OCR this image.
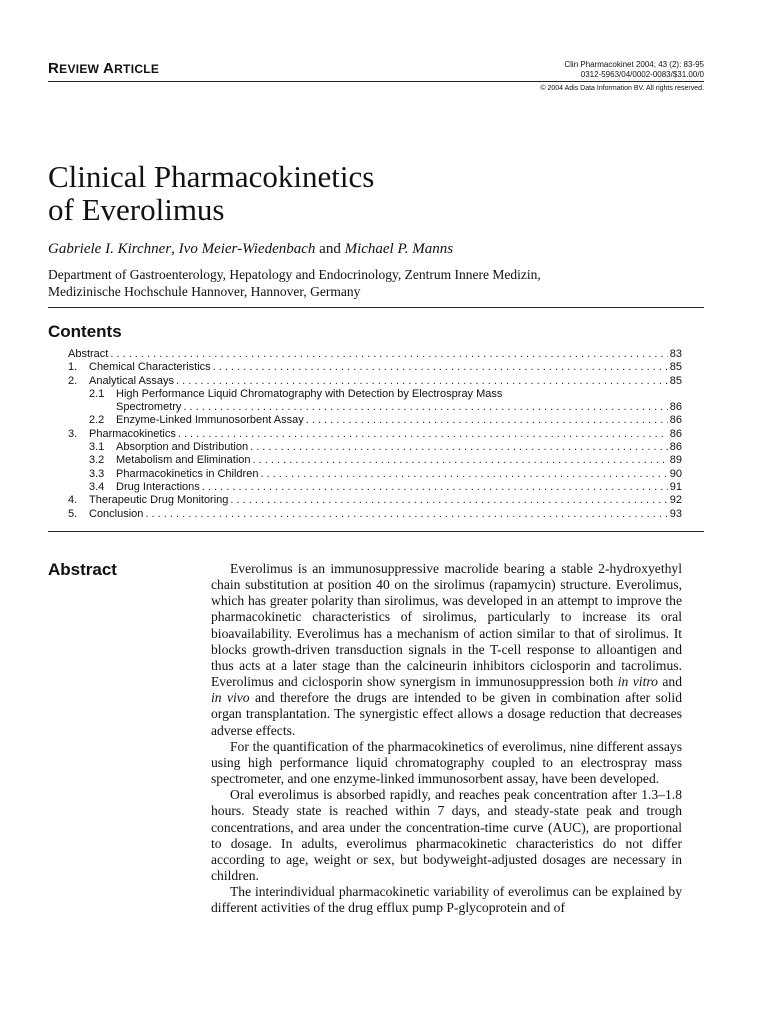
REVIEW ARTICLE	Clin Pharmacokinet 2004; 43 (2): 83-95
0312-5963/04/0002-0083/$31.00/0
© 2004 Adis Data Information BV. All rights reserved.
Clinical Pharmacokinetics
of Everolimus
Gabriele I. Kirchner, Ivo Meier-Wiedenbach and Michael P. Manns
Department of Gastroenterology, Hepatology and Endocrinology, Zentrum Innere Medizin,
Medizinische Hochschule Hannover, Hannover, Germany
Contents
Abstract . . .	83
1.	Chemical Characteristics . . .	85
2.	Analytical Assays . . .	85
2.1	High Performance Liquid Chromatography with Detection by Electrospray Mass
Spectrometry . . .	86
2.2	Enzyme-Linked Immunosorbent Assay . . .	86
3.	Pharmacokinetics . . .	86
3.1	Absorption and Distribution . . .	86
3.2	Metabolism and Elimination . . .	89
3.3	Pharmacokinetics in Children . . .	90
3.4	Drug Interactions . . .	91
4.	Therapeutic Drug Monitoring . . .	92
5.	Conclusion . . .	93
Abstract	Everolimus is an immunosuppressive macrolide bearing a stable 2-hydroxyethyl chain substitution at position 40 on the sirolimus (rapamycin) structure. Everolimus, which has greater polarity than sirolimus, was developed in an attempt to improve the pharmacokinetic characteristics of sirolimus, particularly to increase its oral bioavailability. Everolimus has a mechanism of action similar to that of sirolimus. It blocks growth-driven transduction signals in the T-cell response to alloantigen and thus acts at a later stage than the calcineurin inhibitors ciclosporin and tacrolimus. Everolimus and ciclosporin show synergism in immunosuppression both in vitro and in vivo and therefore the drugs are intended to be given in combination after solid organ transplantation. The synergistic effect allows a dosage reduction that decreases adverse effects.

For the quantification of the pharmacokinetics of everolimus, nine different assays using high performance liquid chromatography coupled to an electrospray mass spectrometer, and one enzyme-linked immunosorbent assay, have been developed.

Oral everolimus is absorbed rapidly, and reaches peak concentration after 1.3–1.8 hours. Steady state is reached within 7 days, and steady-state peak and trough concentrations, and area under the concentration-time curve (AUC), are proportional to dosage. In adults, everolimus pharmacokinetic characteristics do not differ according to age, weight or sex, but bodyweight-adjusted dosages are necessary in children.

The interindividual pharmacokinetic variability of everolimus can be explained by different activities of the drug efflux pump P-glycoprotein and of
